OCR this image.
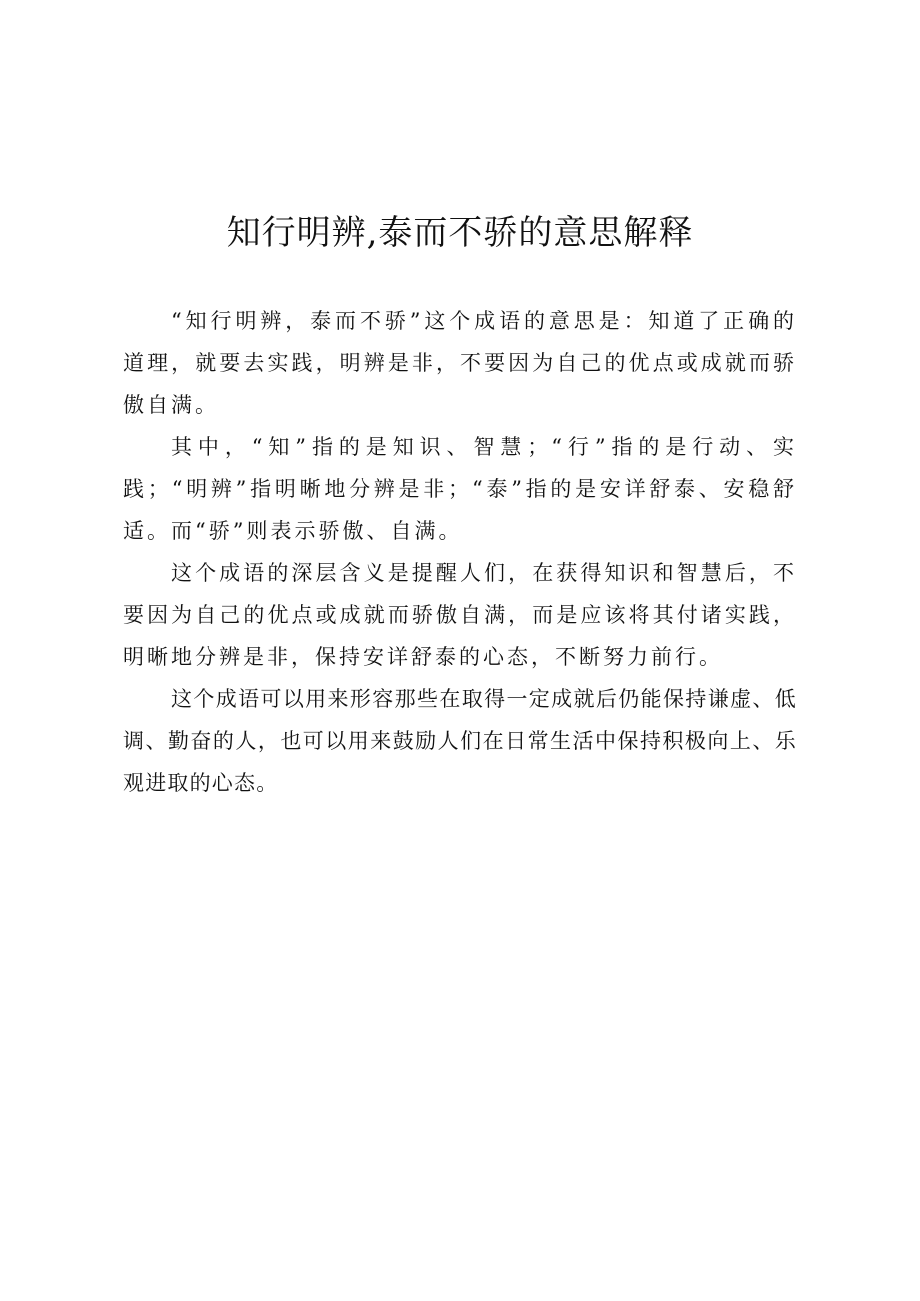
知行明辨,泰而不骄的意思解释

“知行明辨，泰而不骄”这个成语的意思是：知道了正确的道理，就要去实践，明辨是非，不要因为自己的优点或成就而骄傲自满。

其中，“知”指的是知识、智慧；“行”指的是行动、实践；“明辨”指明晰地分辨是非；“泰”指的是安详舒泰、安稳舒适。而“骄”则表示骄傲、自满。

这个成语的深层含义是提醒人们，在获得知识和智慧后，不要因为自己的优点或成就而骄傲自满，而是应该将其付诸实践，明晰地分辨是非，保持安详舒泰的心态，不断努力前行。

这个成语可以用来形容那些在取得一定成就后仍能保持谦虚、低调、勤奋的人，也可以用来鼓励人们在日常生活中保持积极向上、乐观进取的心态。
